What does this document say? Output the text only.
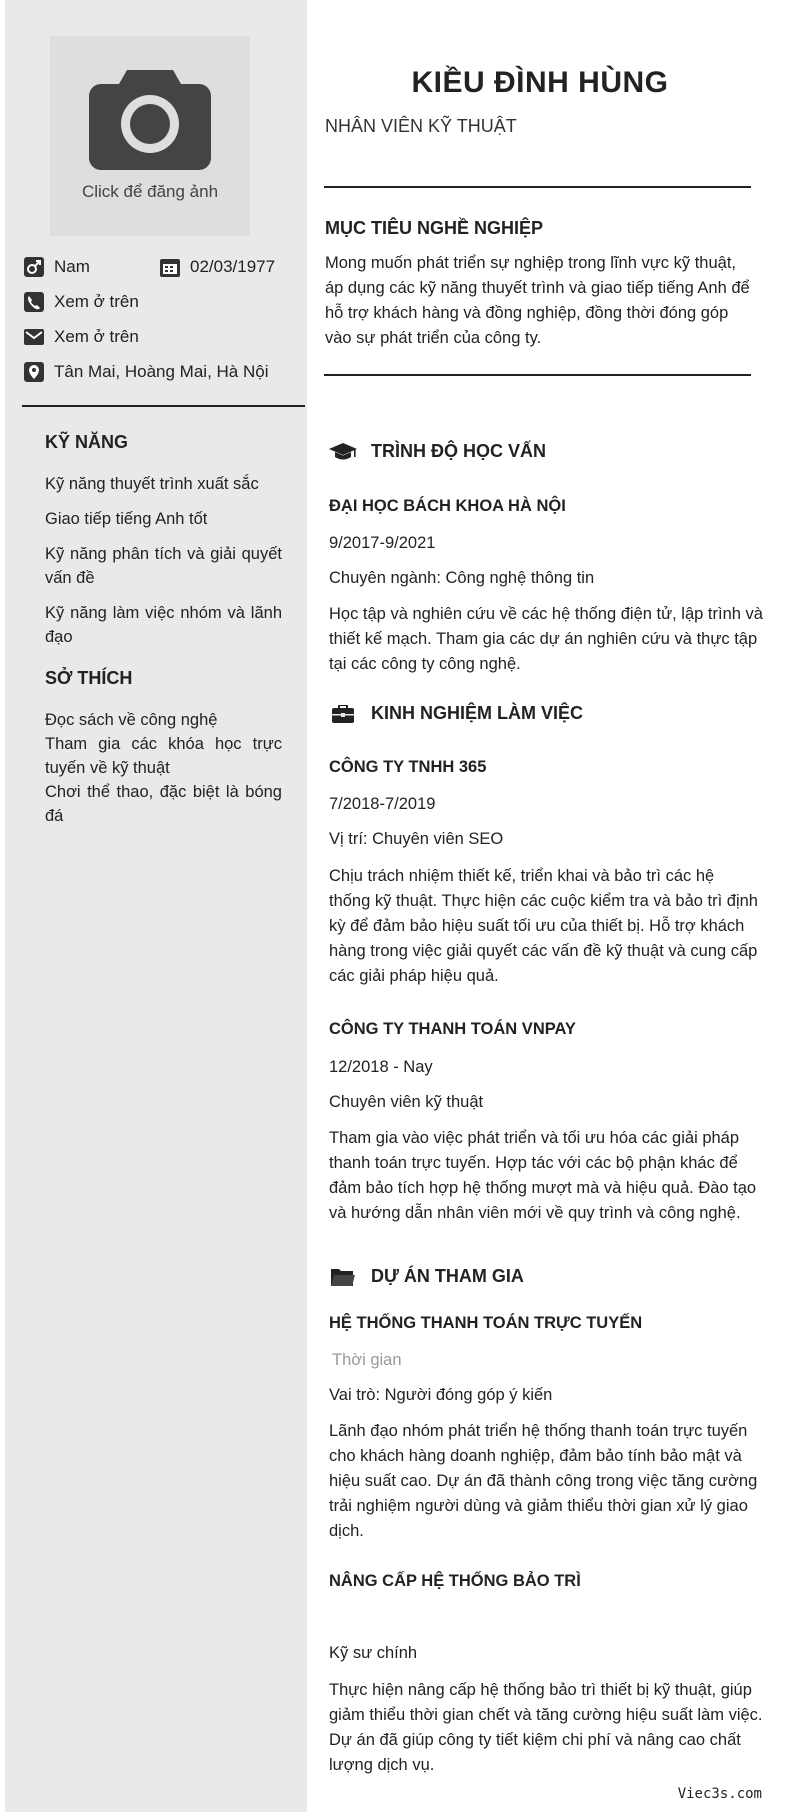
Click để đăng ảnh
Nam	02/03/1977
Xem ở trên
Xem ở trên
Tân Mai, Hoàng Mai, Hà Nội
KỸ NĂNG
Kỹ năng thuyết trình xuất sắc
Giao tiếp tiếng Anh tốt
Kỹ năng phân tích và giải quyết vấn đề
Kỹ năng làm việc nhóm và lãnh đạo
SỞ THÍCH
Đọc sách về công nghệ
Tham gia các khóa học trực tuyến về kỹ thuật
Chơi thể thao, đặc biệt là bóng đá
KIỀU ĐÌNH HÙNG
NHÂN VIÊN KỸ THUẬT
MỤC TIÊU NGHỀ NGHIỆP
Mong muốn phát triển sự nghiệp trong lĩnh vực kỹ thuật, áp dụng các kỹ năng thuyết trình và giao tiếp tiếng Anh để hỗ trợ khách hàng và đồng nghiệp, đồng thời đóng góp vào sự phát triển của công ty.
TRÌNH ĐỘ HỌC VẤN
ĐẠI HỌC BÁCH KHOA HÀ NỘI
9/2017-9/2021
Chuyên ngành: Công nghệ thông tin
Học tập và nghiên cứu về các hệ thống điện tử, lập trình và thiết kế mạch. Tham gia các dự án nghiên cứu và thực tập tại các công ty công nghệ.
KINH NGHIỆM LÀM VIỆC
CÔNG TY TNHH 365
7/2018-7/2019
Vị trí: Chuyên viên SEO
Chịu trách nhiệm thiết kế, triển khai và bảo trì các hệ thống kỹ thuật. Thực hiện các cuộc kiểm tra và bảo trì định kỳ để đảm bảo hiệu suất tối ưu của thiết bị. Hỗ trợ khách hàng trong việc giải quyết các vấn đề kỹ thuật và cung cấp các giải pháp hiệu quả.
CÔNG TY THANH TOÁN VNPAY
12/2018 - Nay
Chuyên viên kỹ thuật
Tham gia vào việc phát triển và tối ưu hóa các giải pháp thanh toán trực tuyến. Hợp tác với các bộ phận khác để đảm bảo tích hợp hệ thống mượt mà và hiệu quả. Đào tạo và hướng dẫn nhân viên mới về quy trình và công nghệ.
DỰ ÁN THAM GIA
HỆ THỐNG THANH TOÁN TRỰC TUYẾN
Thời gian
Vai trò: Người đóng góp ý kiến
Lãnh đạo nhóm phát triển hệ thống thanh toán trực tuyến cho khách hàng doanh nghiệp, đảm bảo tính bảo mật và hiệu suất cao. Dự án đã thành công trong việc tăng cường trải nghiệm người dùng và giảm thiểu thời gian xử lý giao dịch.
NÂNG CẤP HỆ THỐNG BẢO TRÌ
Kỹ sư chính
Thực hiện nâng cấp hệ thống bảo trì thiết bị kỹ thuật, giúp giảm thiểu thời gian chết và tăng cường hiệu suất làm việc. Dự án đã giúp công ty tiết kiệm chi phí và nâng cao chất lượng dịch vụ.
Viec3s.com
